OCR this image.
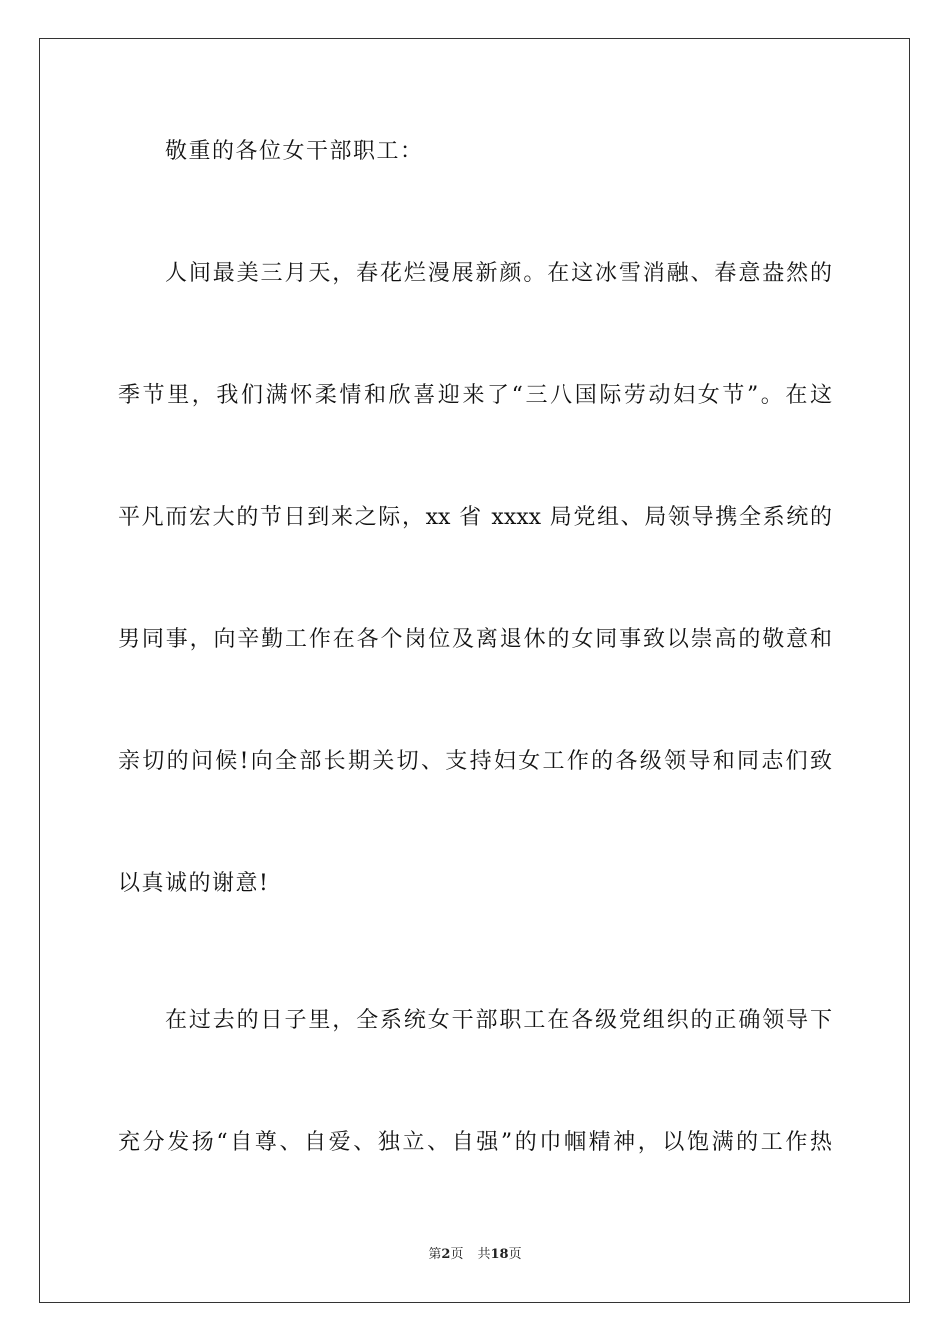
敬重的各位女干部职工：
人间最美三月天，春花烂漫展新颜。在这冰雪消融、春意盎然的
季节里，我们满怀柔情和欣喜迎来了“三八国际劳动妇女节”。在这
平凡而宏大的节日到来之际，xx 省 xxxx 局党组、局领导携全系统的
男同事，向辛勤工作在各个岗位及离退休的女同事致以崇高的敬意和
亲切的问候!向全部长期关切、支持妇女工作的各级领导和同志们致
以真诚的谢意!
在过去的日子里，全系统女干部职工在各级党组织的正确领导下
充分发扬“自尊、自爱、独立、自强”的巾帼精神，以饱满的工作热
第2页 共18页
